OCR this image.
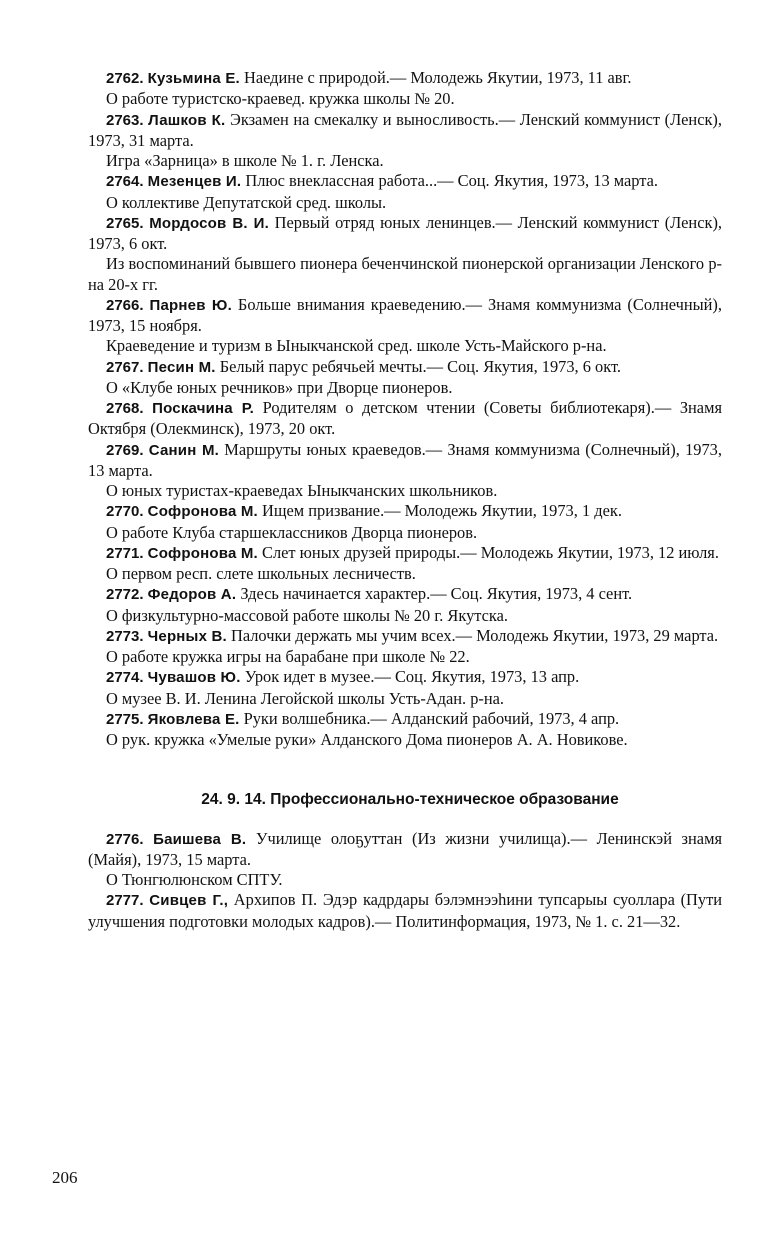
2762. Кузьмина Е. Наедине с природой.— Молодежь Якутии, 1973, 11 авг.

О работе туристско-краевед. кружка школы № 20.

2763. Лашков К. Экзамен на смекалку и выносливость.— Ленский коммунист (Ленск), 1973, 31 марта.

Игра «Зарница» в школе № 1. г. Ленска.

2764. Мезенцев И. Плюс внеклассная работа...— Соц. Якутия, 1973, 13 марта.

О коллективе Депутатской сред. школы.

2765. Мордосов В. И. Первый отряд юных ленинцев.— Ленский коммунист (Ленск), 1973, 6 окт.

Из воспоминаний бывшего пионера беченчинской пионерской организации Ленского р-на 20-х гг.

2766. Парнев Ю. Больше внимания краеведению.— Знамя коммунизма (Солнечный), 1973, 15 ноября.

Краеведение и туризм в Ыныкчанской сред. школе Усть-Майского р-на.

2767. Песин М. Белый парус ребячьей мечты.— Соц. Якутия, 1973, 6 окт.

О «Клубе юных речников» при Дворце пионеров.

2768. Поскачина Р. Родителям о детском чтении (Советы библиотекаря).— Знамя Октября (Олекминск), 1973, 20 окт.

2769. Санин М. Маршруты юных краеведов.— Знамя коммунизма (Солнечный), 1973, 13 марта.

О юных туристах-краеведах Ыныкчанских школьников.

2770. Софронова М. Ищем призвание.— Молодежь Якутии, 1973, 1 дек.

О работе Клуба старшеклассников Дворца пионеров.

2771. Софронова М. Слет юных друзей природы.— Молодежь Якутии, 1973, 12 июля.

О первом респ. слете школьных лесничеств.

2772. Федоров А. Здесь начинается характер.— Соц. Якутия, 1973, 4 сент.

О физкультурно-массовой работе школы № 20 г. Якутска.

2773. Черных В. Палочки держать мы учим всех.— Молодежь Якутии, 1973, 29 марта.

О работе кружка игры на барабане при школе № 22.

2774. Чувашов Ю. Урок идет в музее.— Соц. Якутия, 1973, 13 апр.

О музее В. И. Ленина Легойской школы Усть-Адан. р-на.

2775. Яковлева Е. Руки волшебника.— Алданский рабочий, 1973, 4 апр.

О рук. кружка «Умелые руки» Алданского Дома пионеров А. А. Новикове.

24. 9. 14. Профессионально-техническое образование

2776. Баишева В. Училище олоҕуттан (Из жизни училища).— Ленинскэй знамя (Майя), 1973, 15 марта.

О Тюнгюлюнском СПТУ.

2777. Сивцев Г., Архипов П. Эдэр кадрдары бэлэмнээһини тупсарыы суоллара (Пути улучшения подготовки молодых кадров).— Политинформация, 1973, № 1. с. 21—32.

206
